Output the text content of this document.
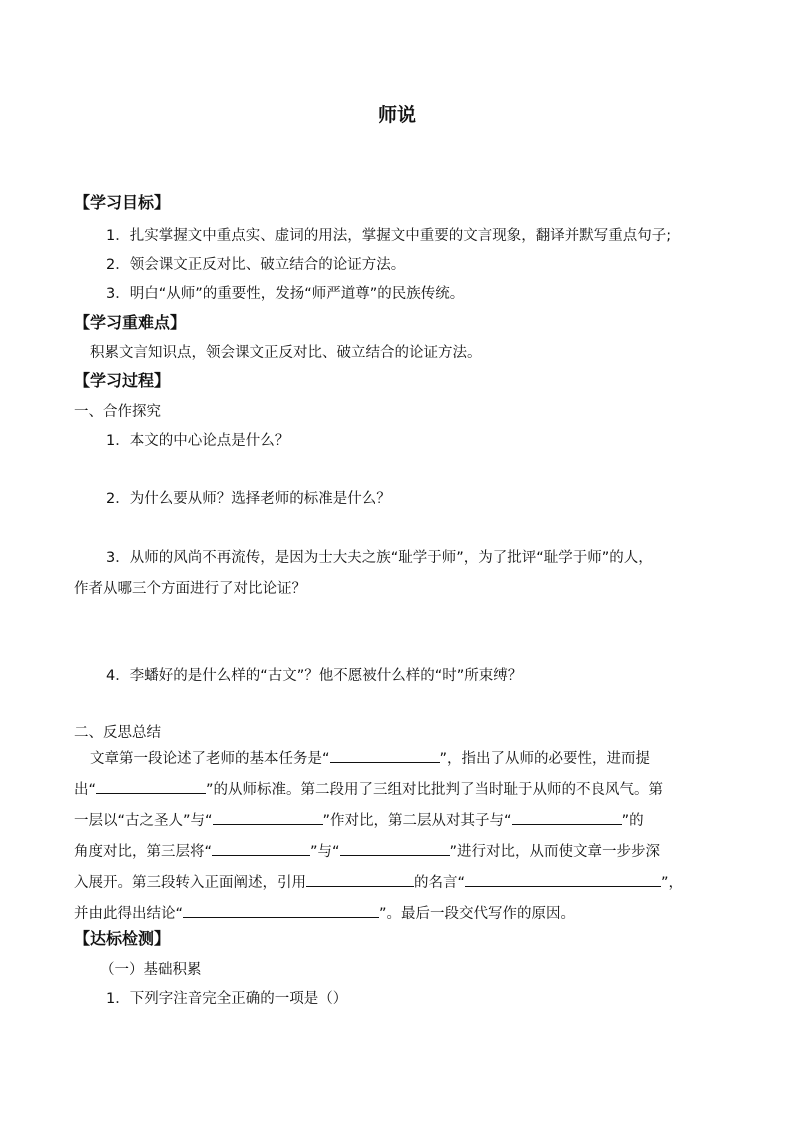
师说
【学习目标】
1．扎实掌握文中重点实、虚词的用法，掌握文中重要的文言现象，翻译并默写重点句子;
2．领会课文正反对比、破立结合的论证方法。
3．明白“从师”的重要性，发扬“师严道尊”的民族传统。
【学习重难点】
积累文言知识点，领会课文正反对比、破立结合的论证方法。
【学习过程】
一、合作探究
1．本文的中心论点是什么？
2．为什么要从师？选择老师的标准是什么？
3．从师的风尚不再流传，是因为士大夫之族“耻学于师”，为了批评“耻学于师”的人，
作者从哪三个方面进行了对比论证？
4．李蟠好的是什么样的“古文”？他不愿被什么样的“时”所束缚？
二、反思总结
文章第一段论述了老师的基本任务是“	”，指出了从师的必要性，进而提
出“	”的从师标准。第二段用了三组对比批判了当时耻于从师的不良风气。第
一层以“古之圣人”与“	”作对比，第二层从对其子与“	”的
角度对比，第三层将“	”与“	”进行对比，从而使文章一步步深
入展开。第三段转入正面阐述，引用	的名言“	”，
并由此得出结论“	”。最后一段交代写作的原因。
【达标检测】
（一）基础积累
1．下列字注音完全正确的一项是（）
